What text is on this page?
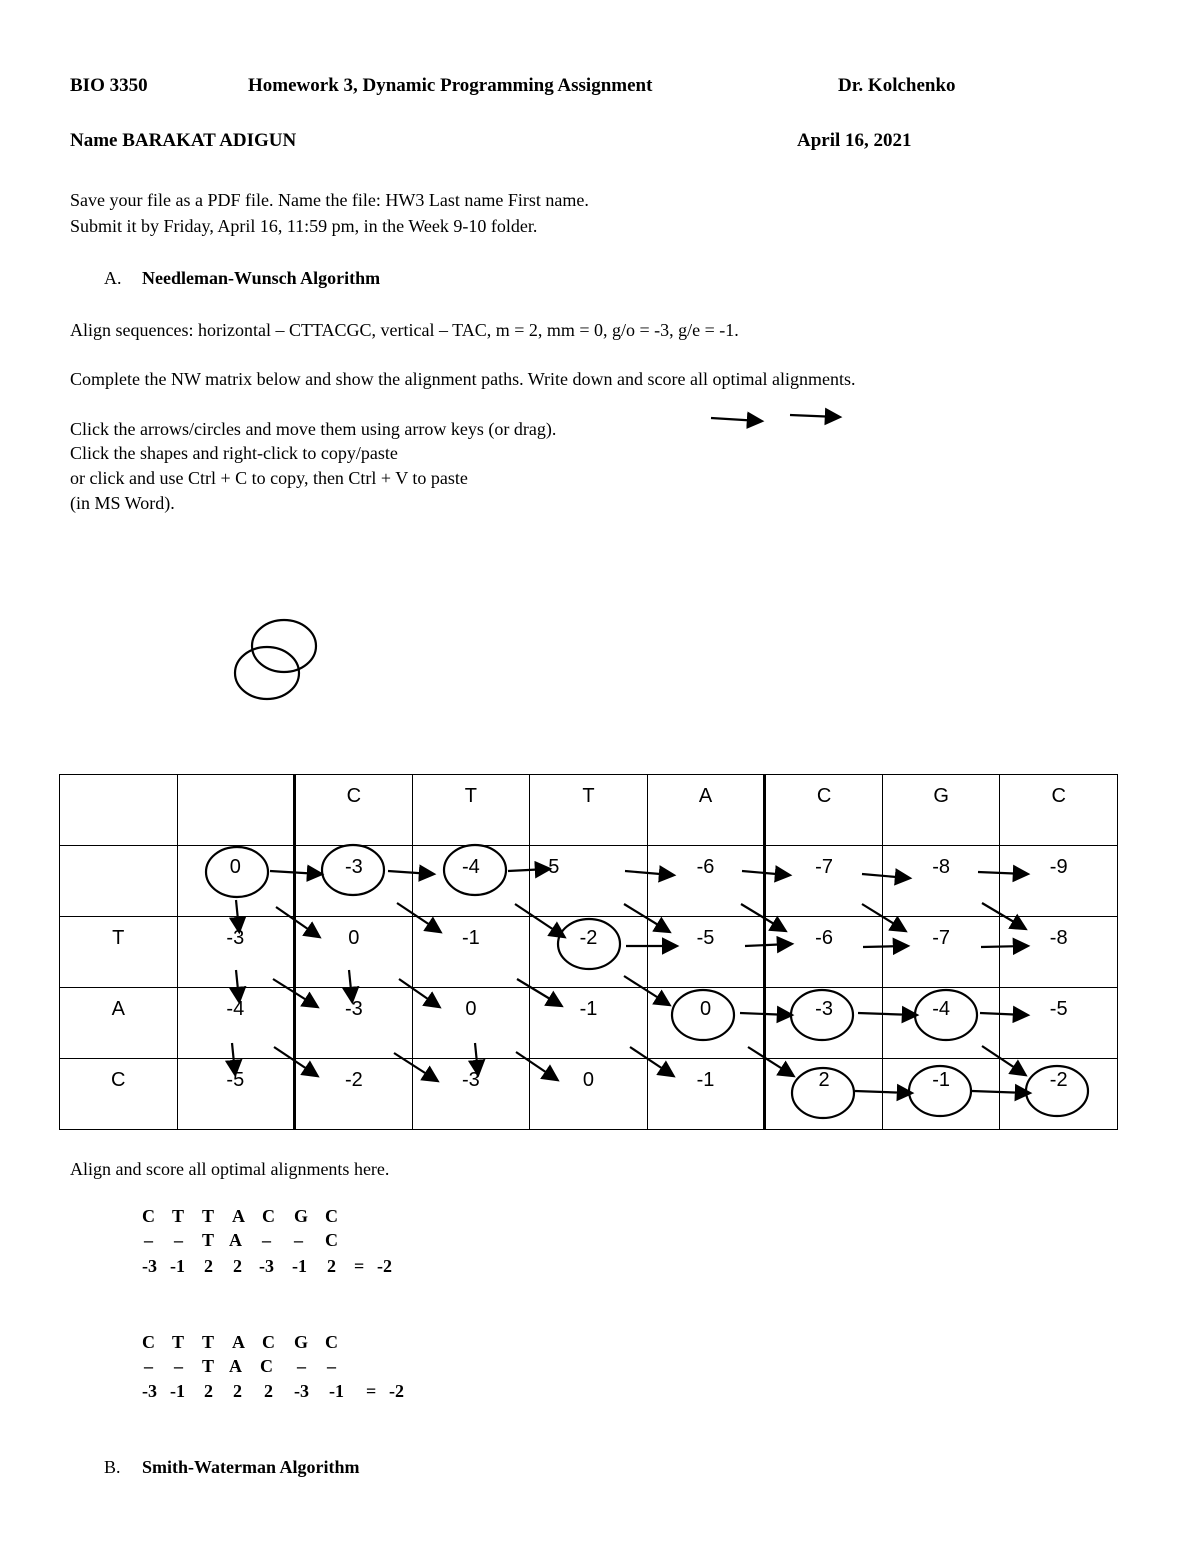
BIO 3350	Homework 3, Dynamic Programming Assignment	Dr. Kolchenko
Name BARAKAT ADIGUN	April 16, 2021
Save your file as a PDF file. Name the file: HW3 Last name First name.
Submit it by Friday, April 16, 11:59 pm, in the Week 9-10 folder.
A. Needleman-Wunsch Algorithm
Align sequences: horizontal – CTTACGC, vertical – TAC, m = 2, mm = 0, g/o = -3, g/e = -1.
Complete the NW matrix below and show the alignment paths. Write down and score all optimal alignments.
Click the arrows/circles and move them using arrow keys (or drag).
Click the shapes and right-click to copy/paste
or click and use Ctrl + C to copy, then Ctrl + V to paste
(in MS Word).
		C	T	T	A	C	G	C
	0	-3	-4	-5	-6	-7	-8	-9
T	-3	0	-1	-2	-5	-6	-7	-8
A	-4	-3	0	-1	0	-3	-4	-5
C	-5	-2	-3	0	-1	2	-1	-2
Align and score all optimal alignments here.
C T T A C G C
– – T A – – C
-3 -1 2 2 -3 -1 2 = -2
C T T A C G C
– – T A C – –
-3 -1 2 2 2 -3 -1 = -2
B. Smith-Waterman Algorithm
